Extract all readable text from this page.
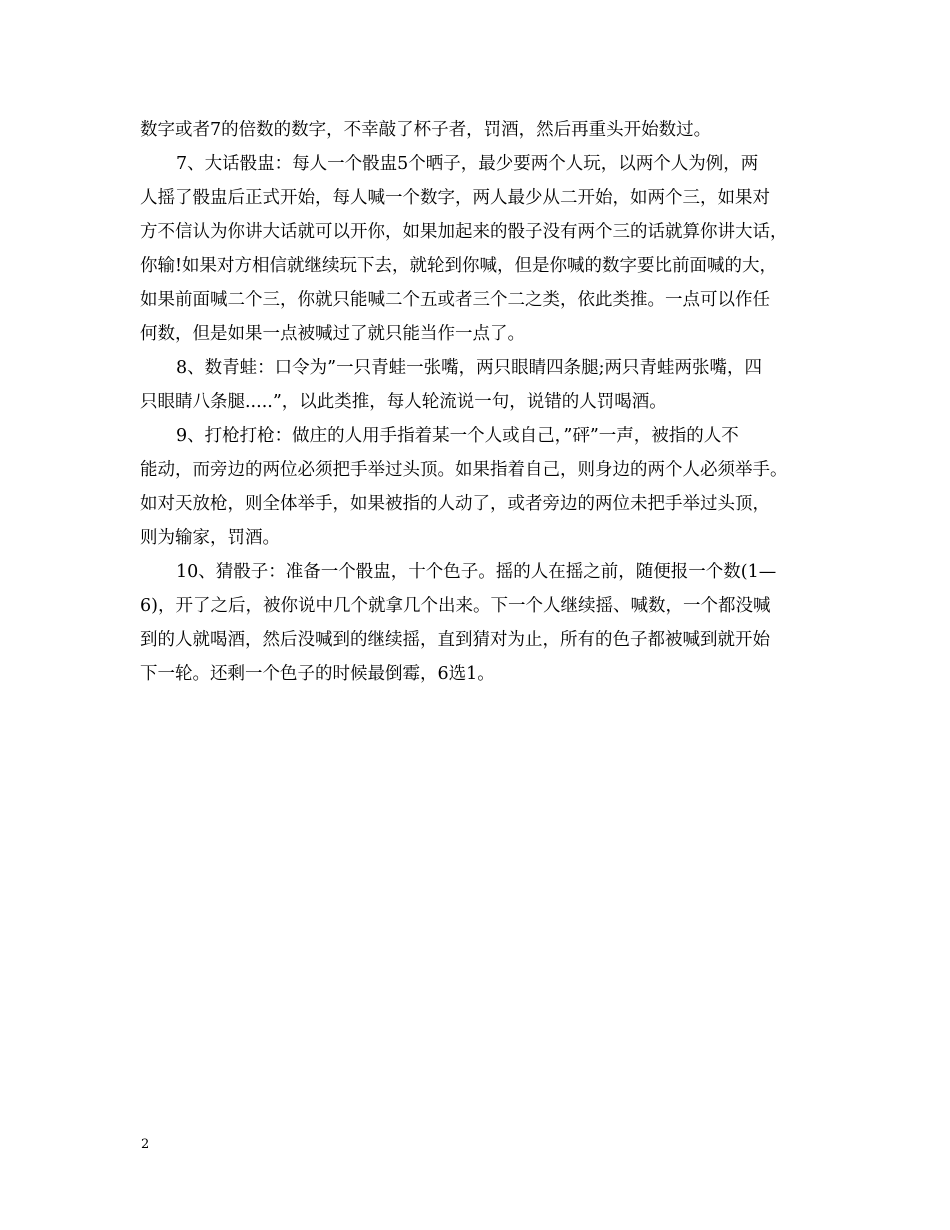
数字或者7的倍数的数字，不幸敲了杯子者，罚酒，然后再重头开始数过。
7、大话骰盅：每人一个骰盅5个晒子，最少要两个人玩，以两个人为例，两
人摇了骰盅后正式开始，每人喊一个数字，两人最少从二开始，如两个三，如果对
方不信认为你讲大话就可以开你，如果加起来的骰子没有两个三的话就算你讲大话，
你输!如果对方相信就继续玩下去，就轮到你喊，但是你喊的数字要比前面喊的大，
如果前面喊二个三，你就只能喊二个五或者三个二之类，依此类推。一点可以作任
何数，但是如果一点被喊过了就只能当作一点了。
8、数青蛙：口令为”一只青蛙一张嘴，两只眼睛四条腿;两只青蛙两张嘴，四
只眼睛八条腿.....”，以此类推，每人轮流说一句，说错的人罚喝酒。
9、打枪打枪：做庄的人用手指着某一个人或自己，”砰”一声，被指的人不
能动，而旁边的两位必须把手举过头顶。如果指着自己，则身边的两个人必须举手。
如对天放枪，则全体举手，如果被指的人动了，或者旁边的两位未把手举过头顶，
则为输家，罚酒。
10、猜骰子：准备一个骰盅，十个色子。摇的人在摇之前，随便报一个数(1—
6)，开了之后，被你说中几个就拿几个出来。下一个人继续摇、喊数，一个都没喊
到的人就喝酒，然后没喊到的继续摇，直到猜对为止，所有的色子都被喊到就开始
下一轮。还剩一个色子的时候最倒霉，6选1。
2
